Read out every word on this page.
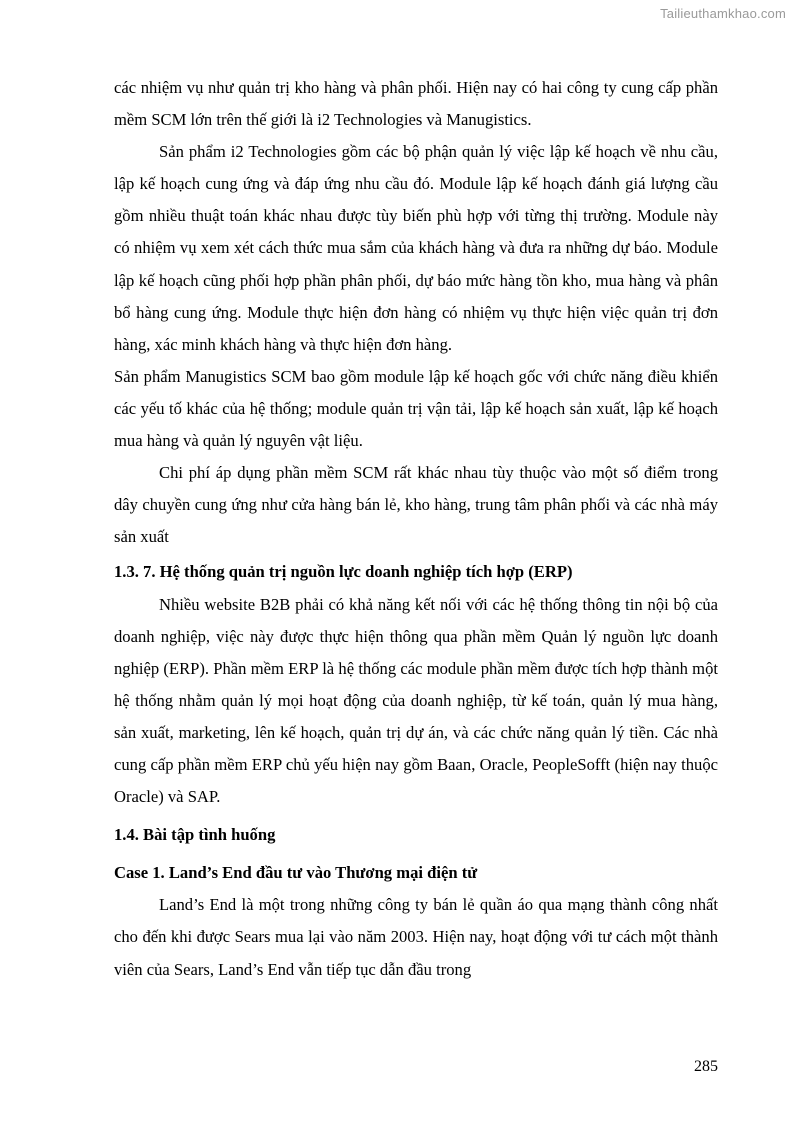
Tailieuthamkhao.com

các nhiệm vụ như quản trị kho hàng và phân phối. Hiện nay có hai công ty cung cấp phần mềm SCM lớn trên thế giới là i2 Technologies và Manugistics.

Sản phẩm i2 Technologies gồm các bộ phận quản lý việc lập kế hoạch về nhu cầu, lập kế hoạch cung ứng và đáp ứng nhu cầu đó. Module lập kế hoạch đánh giá lượng cầu gồm nhiều thuật toán khác nhau được tùy biến phù hợp với từng thị trường. Module này có nhiệm vụ xem xét cách thức mua sắm của khách hàng và đưa ra những dự báo. Module lập kế hoạch cũng phối hợp phần phân phối, dự báo mức hàng tồn kho, mua hàng và phân bổ hàng cung ứng. Module thực hiện đơn hàng có nhiệm vụ thực hiện việc quản trị đơn hàng, xác minh khách hàng và thực hiện đơn hàng.

Sản phẩm Manugistics SCM bao gồm module lập kế hoạch gốc với chức năng điều khiển các yếu tố khác của hệ thống; module quản trị vận tải, lập kế hoạch sản xuất, lập kế hoạch mua hàng và quản lý nguyên vật liệu.

Chi phí áp dụng phần mềm SCM rất khác nhau tùy thuộc vào một số điểm trong dây chuyền cung ứng như cửa hàng bán lẻ, kho hàng, trung tâm phân phối và các nhà máy sản xuất

1.3. 7. Hệ thống quản trị nguồn lực doanh nghiệp tích hợp (ERP)

Nhiều website B2B phải có khả năng kết nối với các hệ thống thông tin nội bộ của doanh nghiệp, việc này được thực hiện thông qua phần mềm Quản lý nguồn lực doanh nghiệp (ERP). Phần mềm ERP là hệ thống các module phần mềm được tích hợp thành một hệ thống nhằm quản lý mọi hoạt động của doanh nghiệp, từ kế toán, quản lý mua hàng, sản xuất, marketing, lên kế hoạch, quản trị dự án, và các chức năng quản lý tiền. Các nhà cung cấp phần mềm ERP chủ yếu hiện nay gồm Baan, Oracle, PeopleSofft (hiện nay thuộc Oracle) và SAP.

1.4. Bài tập tình huống

Case 1. Land’s End đầu tư vào Thương mại điện tử

Land’s End là một trong những công ty bán lẻ quần áo qua mạng thành công nhất cho đến khi được Sears mua lại vào năm 2003. Hiện nay, hoạt động với tư cách một thành viên của Sears, Land’s End vẫn tiếp tục dẫn đầu trong

285
